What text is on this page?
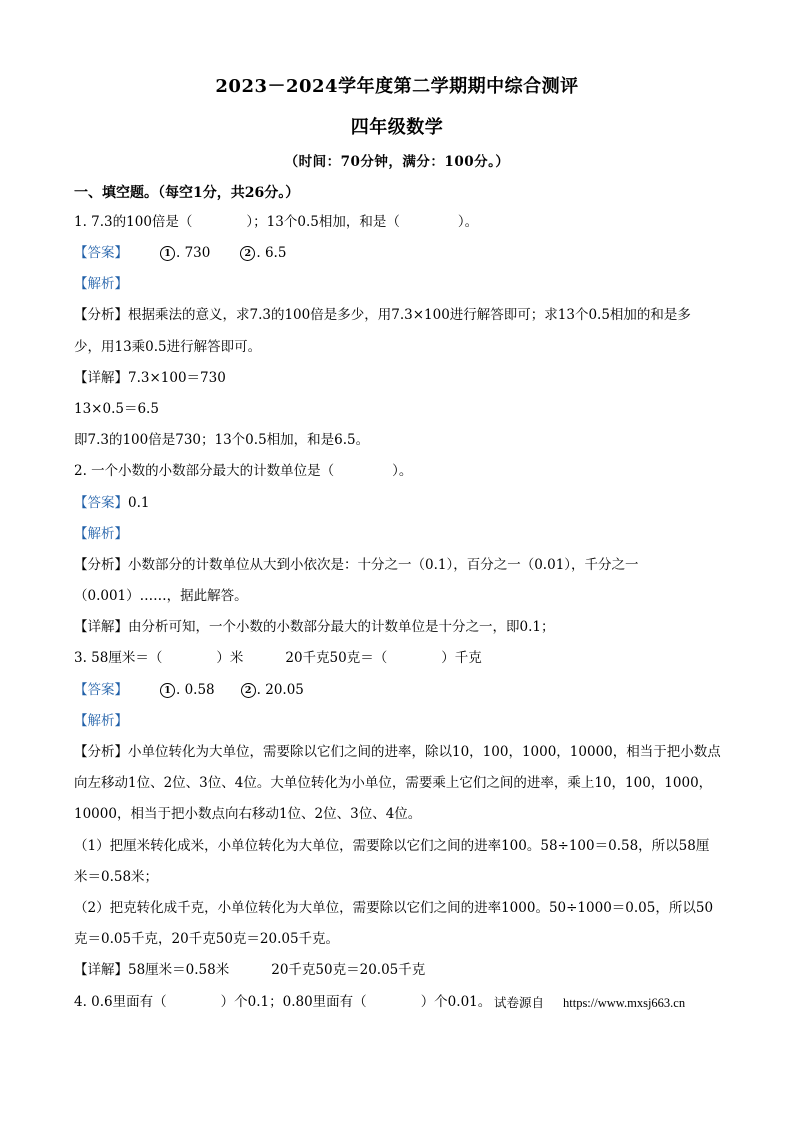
2023－2024学年度第二学期期中综合测评
四年级数学
（时间：70分钟，满分：100分。）
一、填空题。（每空1分，共26分。）
1. 7.3的100倍是（	）；13个0.5相加，和是（	）。
【答案】	1 . 730	2 . 6.5
【解析】
【分析】根据乘法的意义，求7.3的100倍是多少，用7.3×100进行解答即可；求13个0.5相加的和是多
少，用13乘0.5进行解答即可。
【详解】7.3×100＝730
13×0.5＝6.5
即7.3的100倍是730；13个0.5相加，和是6.5。
2. 一个小数的小数部分最大的计数单位是（	）。
【答案】0.1
【解析】
【分析】小数部分的计数单位从大到小依次是：十分之一（0.1），百分之一（0.01），千分之一
（0.001）……，据此解答。
【详解】由分析可知，一个小数的小数部分最大的计数单位是十分之一，即0.1；
3. 58厘米＝（	）米	20千克50克＝（	）千克
【答案】	1 . 0.58	2 . 20.05
【解析】
【分析】小单位转化为大单位，需要除以它们之间的进率，除以10，100，1000，10000，相当于把小数点
向左移动1位、2位、3位、4位。大单位转化为小单位，需要乘上它们之间的进率，乘上10，100，1000，
10000，相当于把小数点向右移动1位、2位、3位、4位。
（1）把厘米转化成米，小单位转化为大单位，需要除以它们之间的进率100。58÷100＝0.58，所以58厘
米＝0.58米；
（2）把克转化成千克，小单位转化为大单位，需要除以它们之间的进率1000。50÷1000＝0.05，所以50
克＝0.05千克，20千克50克＝20.05千克。
【详解】58厘米＝0.58米	20千克50克＝20.05千克
4. 0.6里面有（	）个0.1；0.80里面有（	）个0.01。 试卷源自 https://www.mxsj663.cn
